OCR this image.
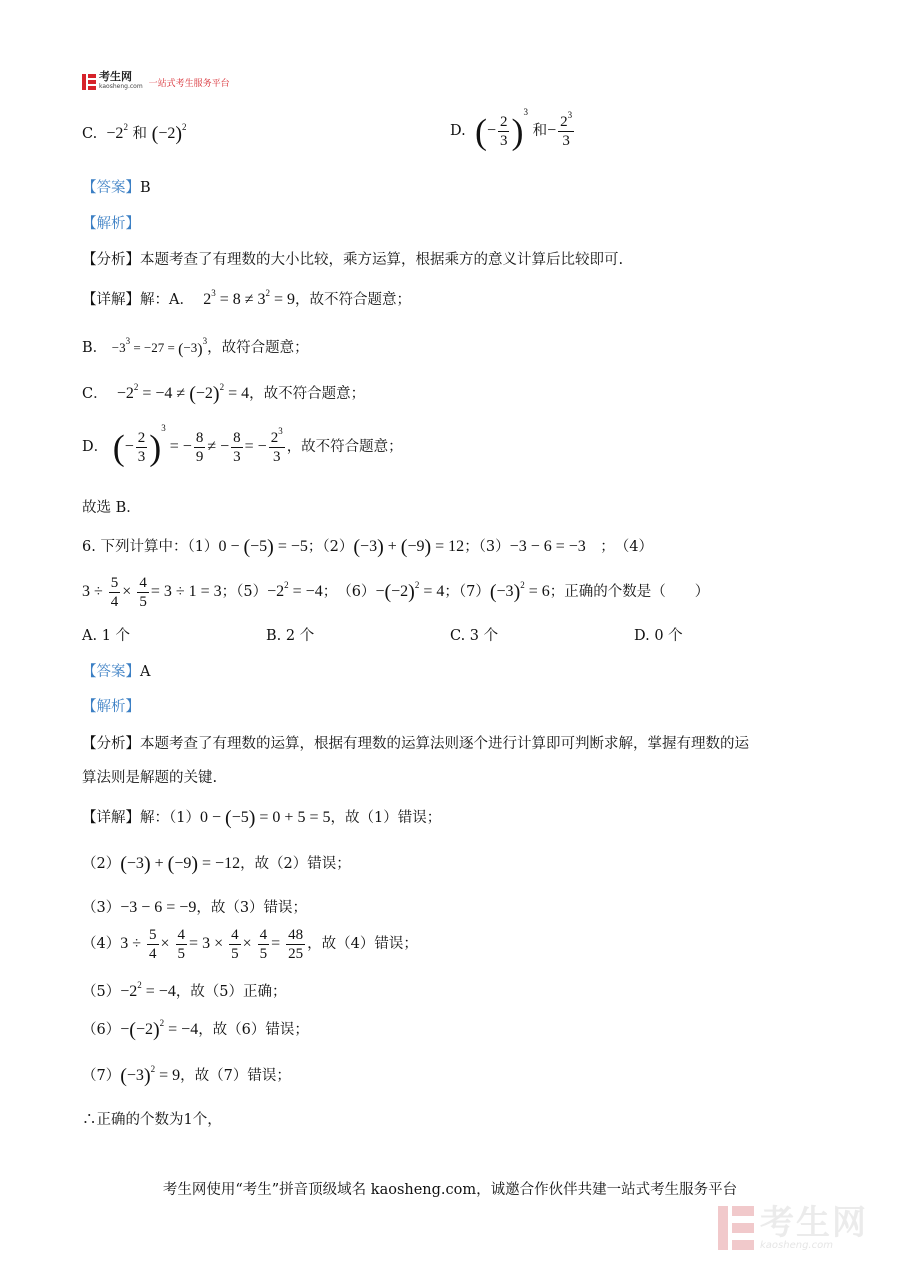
考生网
kaosheng.com 一站式考生服务平台
C. $-2^2$ 和 $(-2)^2$	D. (− $\frac{2}{3} )^3$ 和− $\frac{2^3}{3}$
【答案】B
【解析】
【分析】本题考查了有理数的大小比较，乘方运算，根据乘方的意义计算后比较即可.
【详解】解：A． $2^3 = 8 \ne 3^2 = 9$，故不符合题意；
B． $-3^3 = -27 = (-3)^3$，故符合题意；
C． $-2^2 = -4 \ne (-2)^2 = 4$，故不符合题意；
D． (− $\frac{2}{3} )^3$ = − $\frac{8}{9}$ ≠ − $\frac{8}{3}$ = − $\frac{2^3}{3}$ ，故不符合题意；
故选 B．
6. 下列计算中：（1）0 − (−5) = −5；（2）(−3) + (−9) = 12；（3）−3 − 6 = −3　；　（4）
$3 \div \frac{5}{4} \times \frac{4}{5} = 3 \div 1 = 3$；$(5)-2^2 = -4$；　$(6)-(-2)^2 = 4$；$(7)(-3)^2 = 6$；正确的个数是（　　）
A. 1 个	B. 2 个	C. 3 个	D. 0 个
【答案】A
【解析】
【分析】本题考查了有理数的运算，根据有理数的运算法则逐个进行计算即可判断求解，掌握有理数的运
算法则是解题的关键.
【详解】解：（1）0 − (−5) = 0 + 5 = 5，故（1）错误；
（2）(−3) + (−9) = −12，故（2）错误；
（3）−3 − 6 = −9，故（3）错误；
$(4)3 \div \frac{5}{4} \times \frac{4}{5} = 3 \times \frac{4}{5} \times \frac{4}{5} = \frac{48}{25}$ ，故（4）错误；
$(5)-2^2 = -4$，故（5）正确；
$(6)-(-2)^2 = -4$，故（6）错误；
$(7)(-3)^2 = 9$，故（7）错误；
∴正确的个数为1个，
考生网使用“考生”拼音顶级域名 kaosheng.com，诚邀合作伙伴共建一站式考生服务平台
考生网
kaosheng.com
